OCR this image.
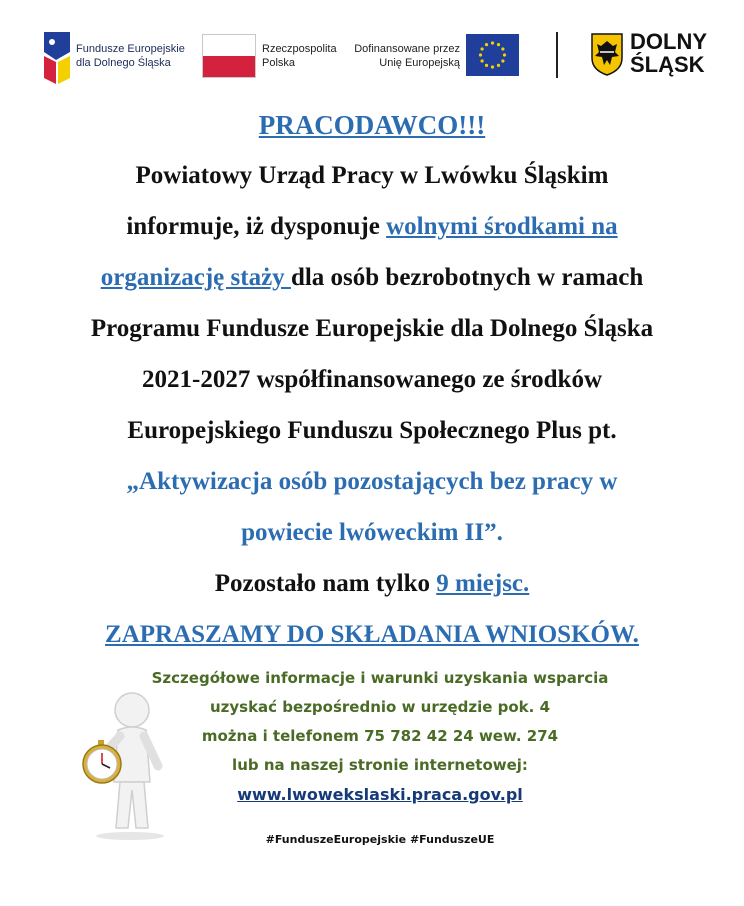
Fundusze Europejskie
dla Dolnego Śląska
Rzeczpospolita
Polska
Dofinansowane przez
Unię Europejską
DOLNY
ŚLĄSK
PRACODAWCO!!!
Powiatowy Urząd Pracy w Lwówku Śląskim
informuje, iż dysponuje wolnymi środkami na
organizację staży dla osób bezrobotnych w ramach
Programu Fundusze Europejskie dla Dolnego Śląska
2021-2027 współfinansowanego ze środków
Europejskiego Funduszu Społecznego Plus pt.
„Aktywizacja osób pozostających bez pracy w
powiecie lwóweckim II”.
Pozostało nam tylko 9 miejsc.
ZAPRASZAMY DO SKŁADANIA WNIOSKÓW.
Szczegółowe informacje i warunki uzyskania wsparcia
uzyskać bezpośrednio w urzędzie pok. 4
można i telefonem 75 782 42 24 wew. 274
lub na naszej stronie internetowej:
www.lwowekslaski.praca.gov.pl
#FunduszeEuropejskie #FunduszeUE
